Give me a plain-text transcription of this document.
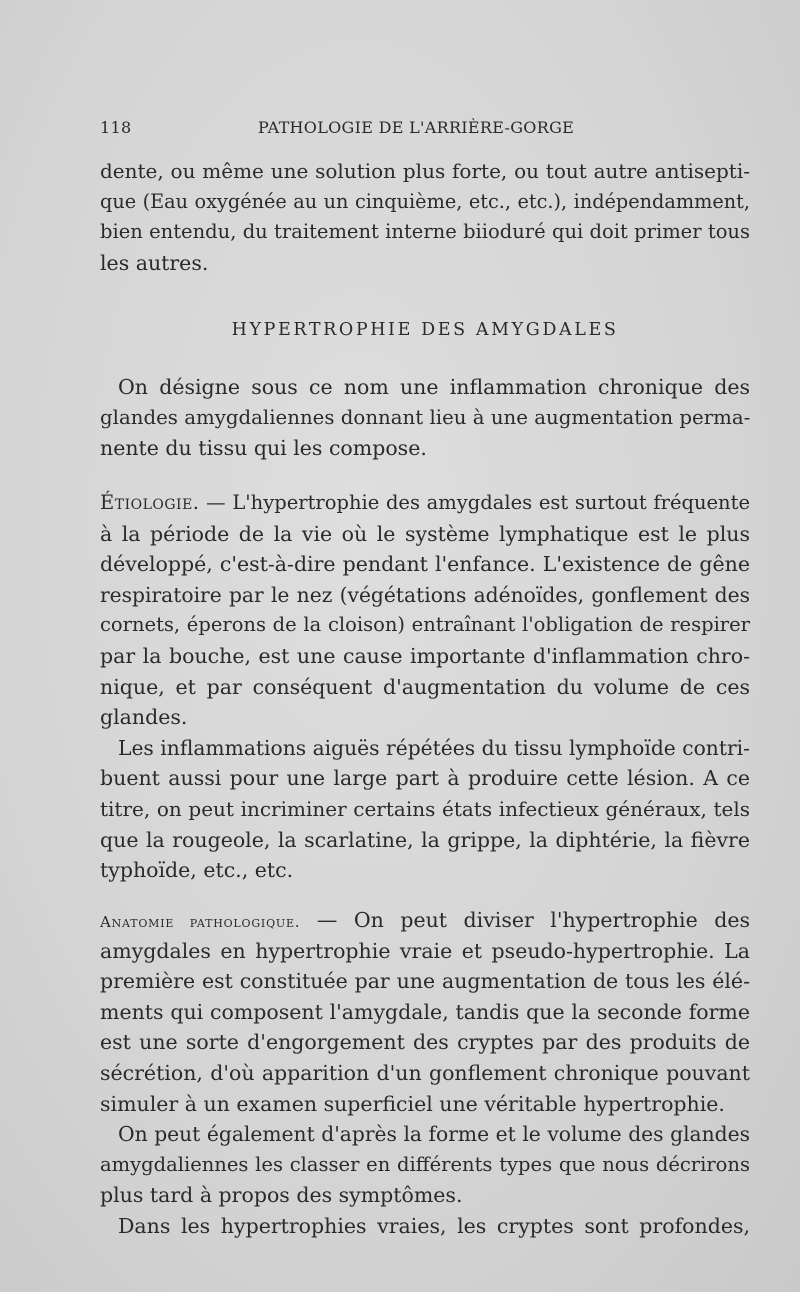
118	PATHOLOGIE DE L'ARRIÈRE-GORGE
dente, ou même une solution plus forte, ou tout autre antisepti-
que (Eau oxygénée au un cinquième, etc., etc.), indépendamment,
bien entendu, du traitement interne biioduré qui doit primer tous
les autres.
HYPERTROPHIE DES AMYGDALES
On désigne sous ce nom une inflammation chronique des
glandes amygdaliennes donnant lieu à une augmentation perma-
nente du tissu qui les compose.
Étiologie. — L'hypertrophie des amygdales est surtout fréquente
à la période de la vie où le système lymphatique est le plus
développé, c'est-à-dire pendant l'enfance. L'existence de gêne
respiratoire par le nez (végétations adénoïdes, gonflement des
cornets, éperons de la cloison) entraînant l'obligation de respirer
par la bouche, est une cause importante d'inflammation chro-
nique, et par conséquent d'augmentation du volume de ces
glandes.
Les inflammations aiguës répétées du tissu lymphoïde contri-
buent aussi pour une large part à produire cette lésion. A ce
titre, on peut incriminer certains états infectieux généraux, tels
que la rougeole, la scarlatine, la grippe, la diphtérie, la fièvre
typhoïde, etc., etc.
Anatomie pathologique. — On peut diviser l'hypertrophie des
amygdales en hypertrophie vraie et pseudo-hypertrophie. La
première est constituée par une augmentation de tous les élé-
ments qui composent l'amygdale, tandis que la seconde forme
est une sorte d'engorgement des cryptes par des produits de
sécrétion, d'où apparition d'un gonflement chronique pouvant
simuler à un examen superficiel une véritable hypertrophie.
On peut également d'après la forme et le volume des glandes
amygdaliennes les classer en différents types que nous décrirons
plus tard à propos des symptômes.
Dans les hypertrophies vraies, les cryptes sont profondes,
